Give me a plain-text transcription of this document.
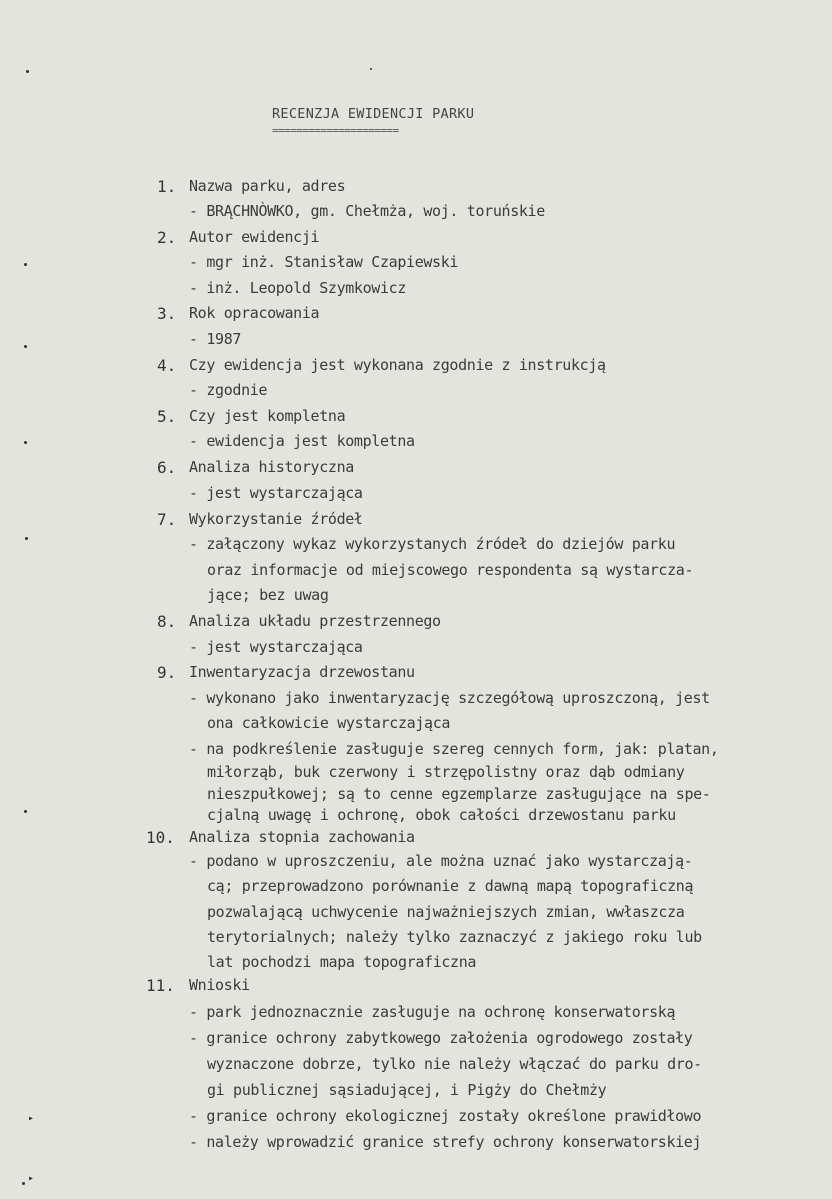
RECENZJA EWIDENCJI PARKU
=====================
1. Nazwa parku, adres
- BRĄCHNÒWKO, gm. Chełmża, woj. toruńskie
2. Autor ewidencji
- mgr inż. Stanisław Czapiewski
- inż. Leopold Szymkowicz
3. Rok opracowania
- 1987
4. Czy ewidencja jest wykonana zgodnie z instrukcją
- zgodnie
5. Czy jest kompletna
- ewidencja jest kompletna
6. Analiza historyczna
- jest wystarczająca
7. Wykorzystanie źródeł
- załączony wykaz wykorzystanych źródeł do dziejów parku
oraz informacje od miejscowego respondenta są wystarcza-
jące; bez uwag
8. Analiza układu przestrzennego
- jest wystarczająca
9. Inwentaryzacja drzewostanu
- wykonano jako inwentaryzację szczegółową uproszczoną, jest
ona całkowicie wystarczająca
- na podkreślenie zasługuje szereg cennych form, jak: platan,
miłorząb, buk czerwony i strzępolistny oraz dąb odmiany
nieszpułkowej; są to cenne egzemplarze zasługujące na spe-
cjalną uwagę i ochronę, obok całości drzewostanu parku
10. Analiza stopnia zachowania
- podano w uproszczeniu, ale można uznać jako wystarczają-
cą; przeprowadzono porównanie z dawną mapą topograficzną
pozwalającą uchwycenie najważniejszych zmian, wwłaszcza
terytorialnych; należy tylko zaznaczyć z jakiego roku lub
lat pochodzi mapa topograficzna
11. Wnioski
- park jednoznacznie zasługuje na ochronę konserwatorską
- granice ochrony zabytkowego założenia ogrodowego zostały
wyznaczone dobrze, tylko nie należy włączać do parku dro-
gi publicznej sąsiadującej, i Pigży do Chełmży
- granice ochrony ekologicznej zostały określone prawidłowo
- należy wprowadzić granice strefy ochrony konserwatorskiej
▸
▸
